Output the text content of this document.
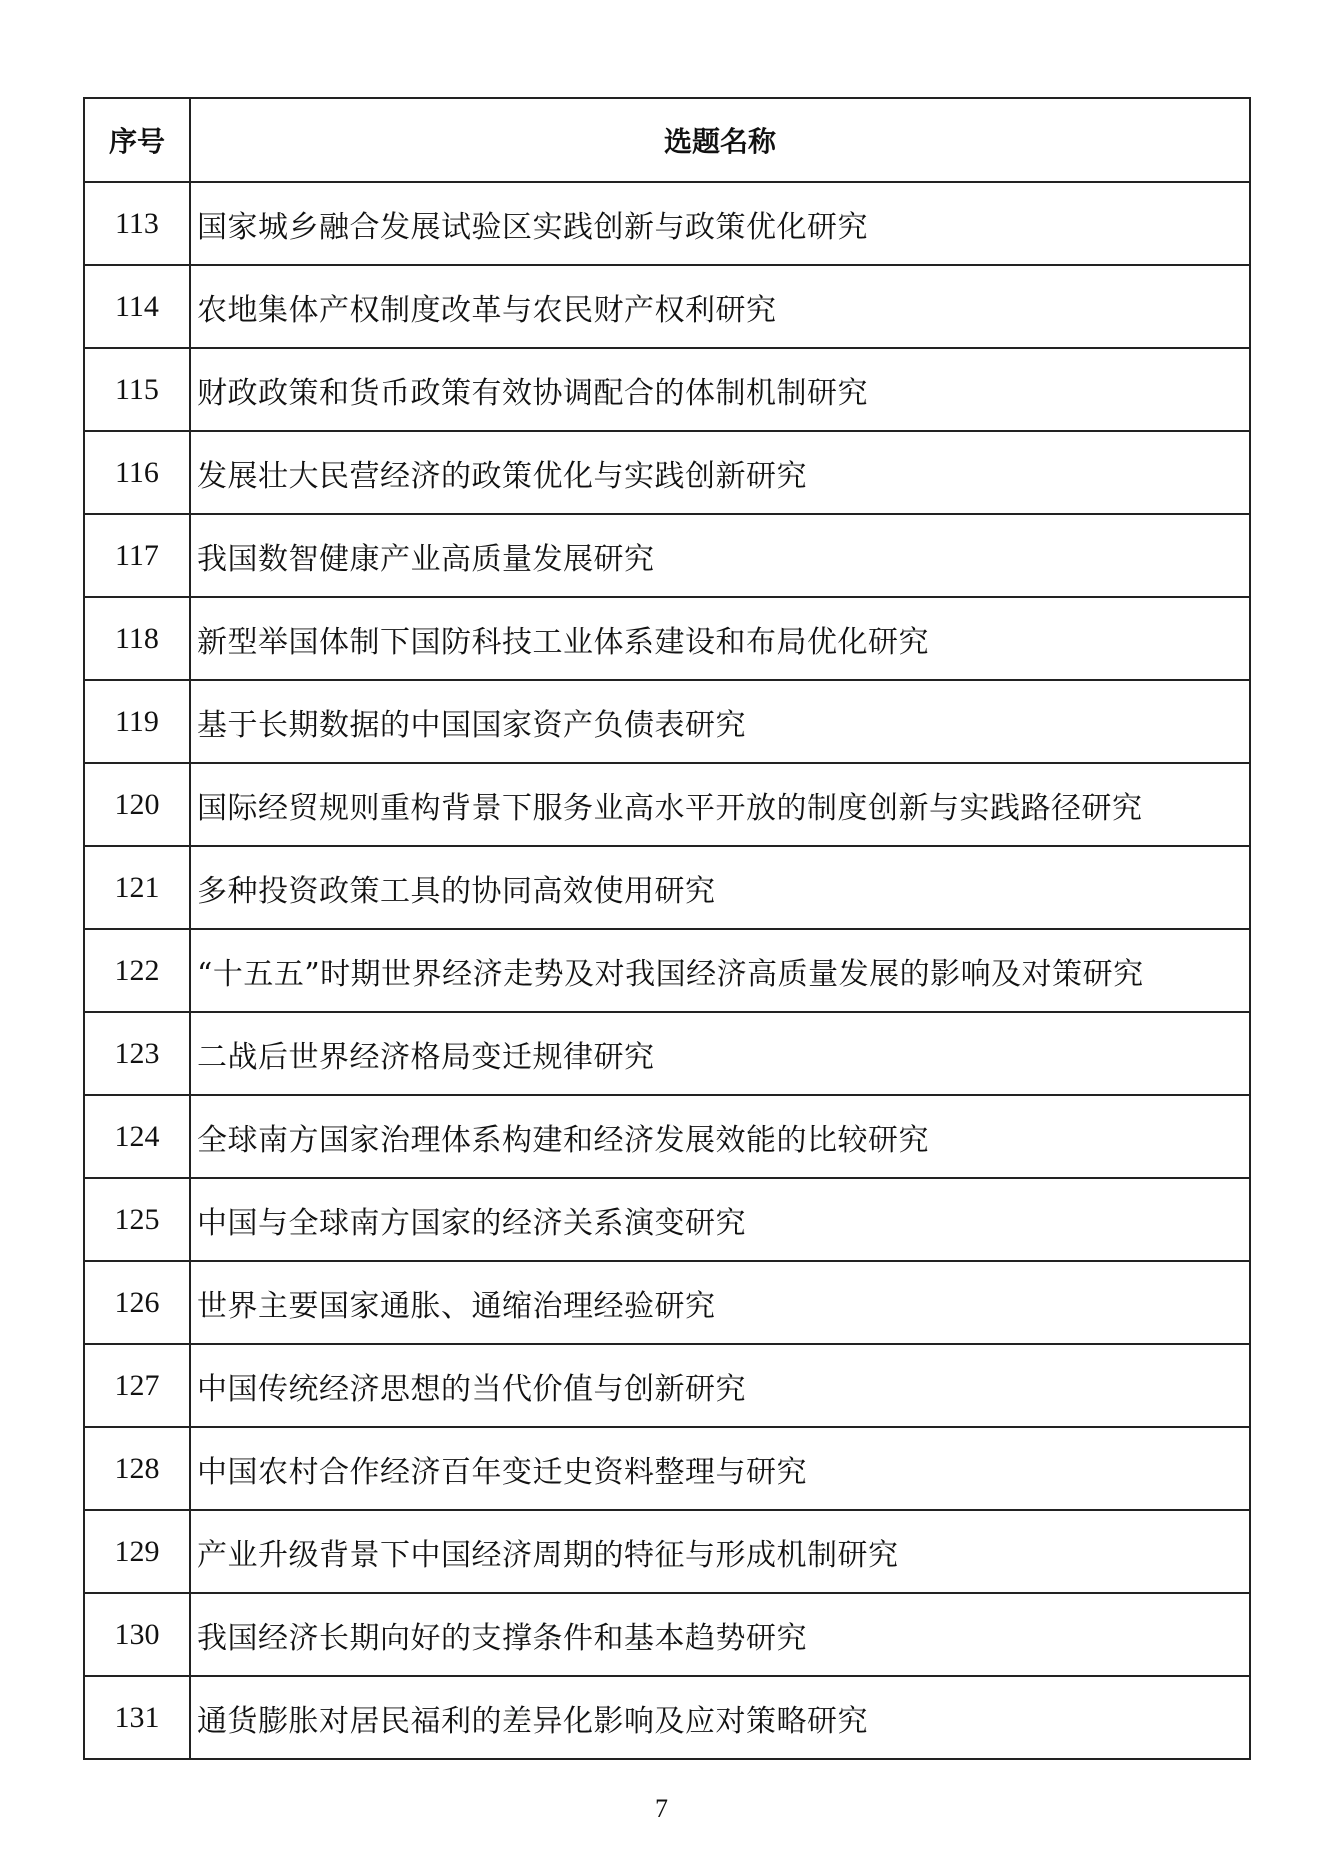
序号	选题名称
113	国家城乡融合发展试验区实践创新与政策优化研究
114	农地集体产权制度改革与农民财产权利研究
115	财政政策和货币政策有效协调配合的体制机制研究
116	发展壮大民营经济的政策优化与实践创新研究
117	我国数智健康产业高质量发展研究
118	新型举国体制下国防科技工业体系建设和布局优化研究
119	基于长期数据的中国国家资产负债表研究
120	国际经贸规则重构背景下服务业高水平开放的制度创新与实践路径研究
121	多种投资政策工具的协同高效使用研究
122	“十五五”时期世界经济走势及对我国经济高质量发展的影响及对策研究
123	二战后世界经济格局变迁规律研究
124	全球南方国家治理体系构建和经济发展效能的比较研究
125	中国与全球南方国家的经济关系演变研究
126	世界主要国家通胀、通缩治理经验研究
127	中国传统经济思想的当代价值与创新研究
128	中国农村合作经济百年变迁史资料整理与研究
129	产业升级背景下中国经济周期的特征与形成机制研究
130	我国经济长期向好的支撑条件和基本趋势研究
131	通货膨胀对居民福利的差异化影响及应对策略研究
7
